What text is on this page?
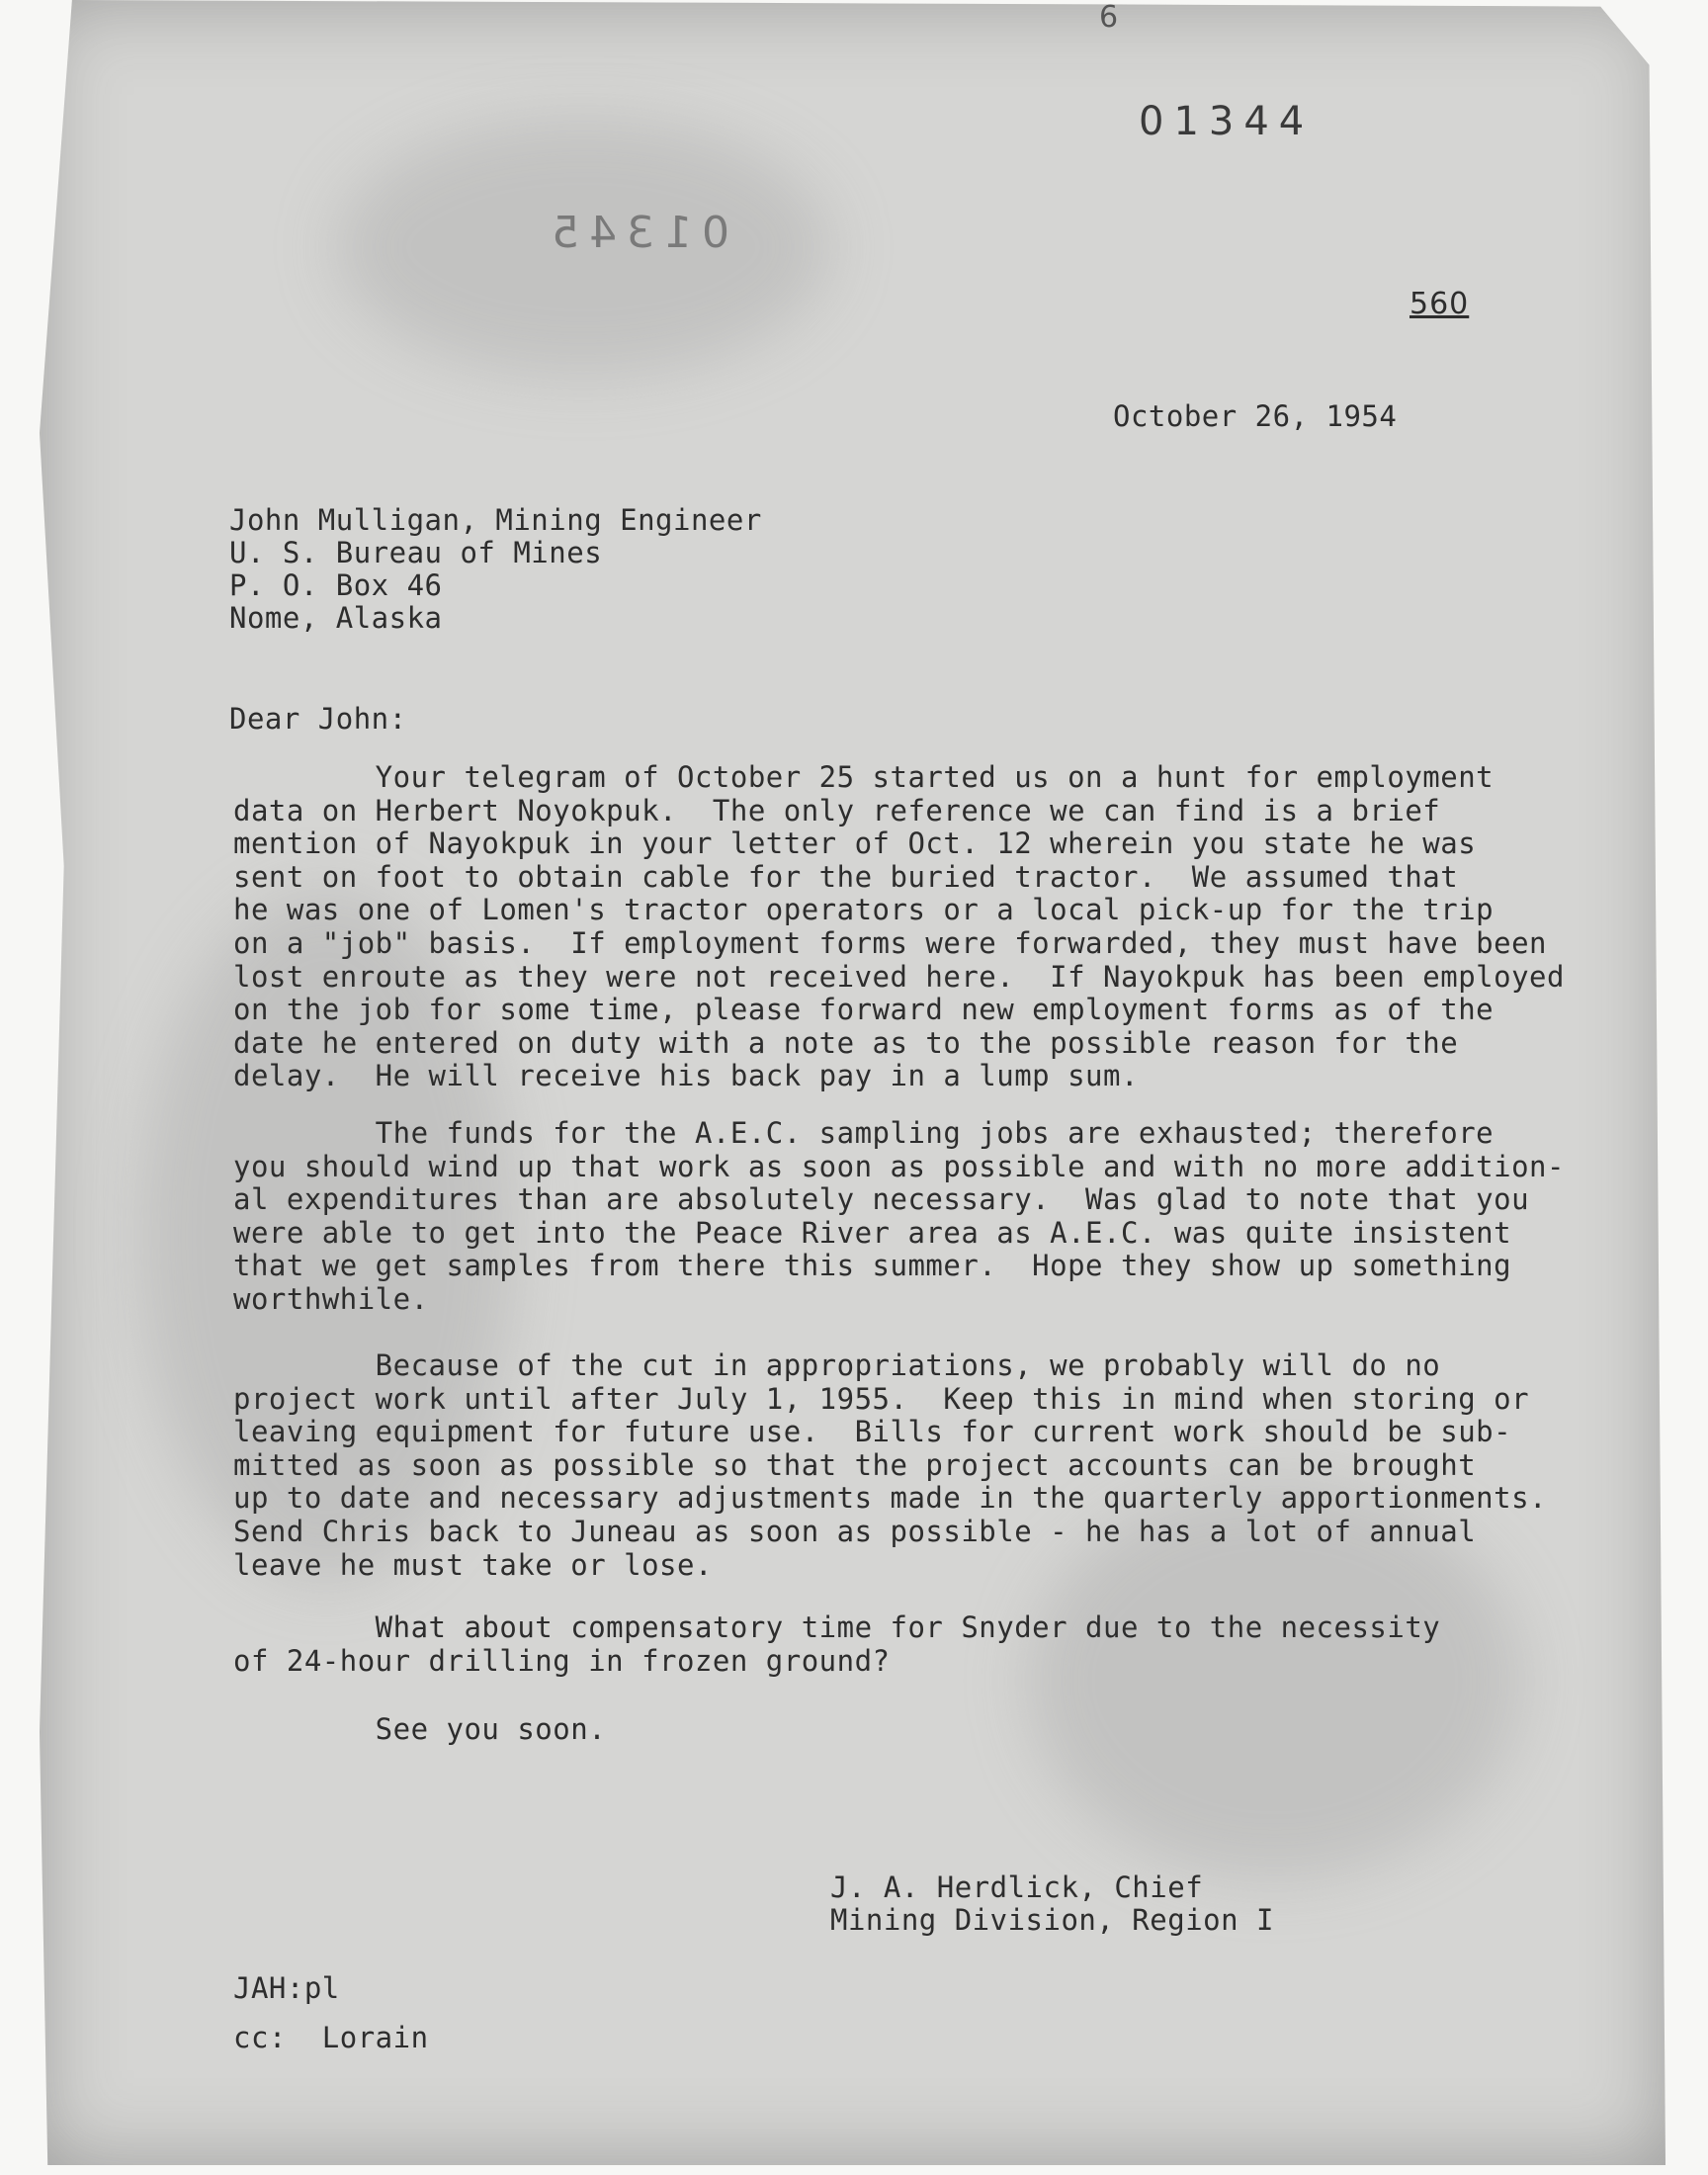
6
01344
01345
560
October 26, 1954
John Mulligan, Mining Engineer
U. S. Bureau of Mines
P. O. Box 46
Nome, Alaska
Dear John:
Your telegram of October 25 started us on a hunt for employment
data on Herbert Noyokpuk.  The only reference we can find is a brief
mention of Nayokpuk in your letter of Oct. 12 wherein you state he was
sent on foot to obtain cable for the buried tractor.  We assumed that
he was one of Lomen's tractor operators or a local pick-up for the trip
on a "job" basis.  If employment forms were forwarded, they must have been
lost enroute as they were not received here.  If Nayokpuk has been employed
on the job for some time, please forward new employment forms as of the
date he entered on duty with a note as to the possible reason for the
delay.  He will receive his back pay in a lump sum.
The funds for the A.E.C. sampling jobs are exhausted; therefore
you should wind up that work as soon as possible and with no more addition-
al expenditures than are absolutely necessary.  Was glad to note that you
were able to get into the Peace River area as A.E.C. was quite insistent
that we get samples from there this summer.  Hope they show up something
worthwhile.
Because of the cut in appropriations, we probably will do no
project work until after July 1, 1955.  Keep this in mind when storing or
leaving equipment for future use.  Bills for current work should be sub-
mitted as soon as possible so that the project accounts can be brought
up to date and necessary adjustments made in the quarterly apportionments.
Send Chris back to Juneau as soon as possible - he has a lot of annual
leave he must take or lose.
What about compensatory time for Snyder due to the necessity
of 24-hour drilling in frozen ground?
See you soon.
J. A. Herdlick, Chief
Mining Division, Region I
JAH:pl
cc:  Lorain
